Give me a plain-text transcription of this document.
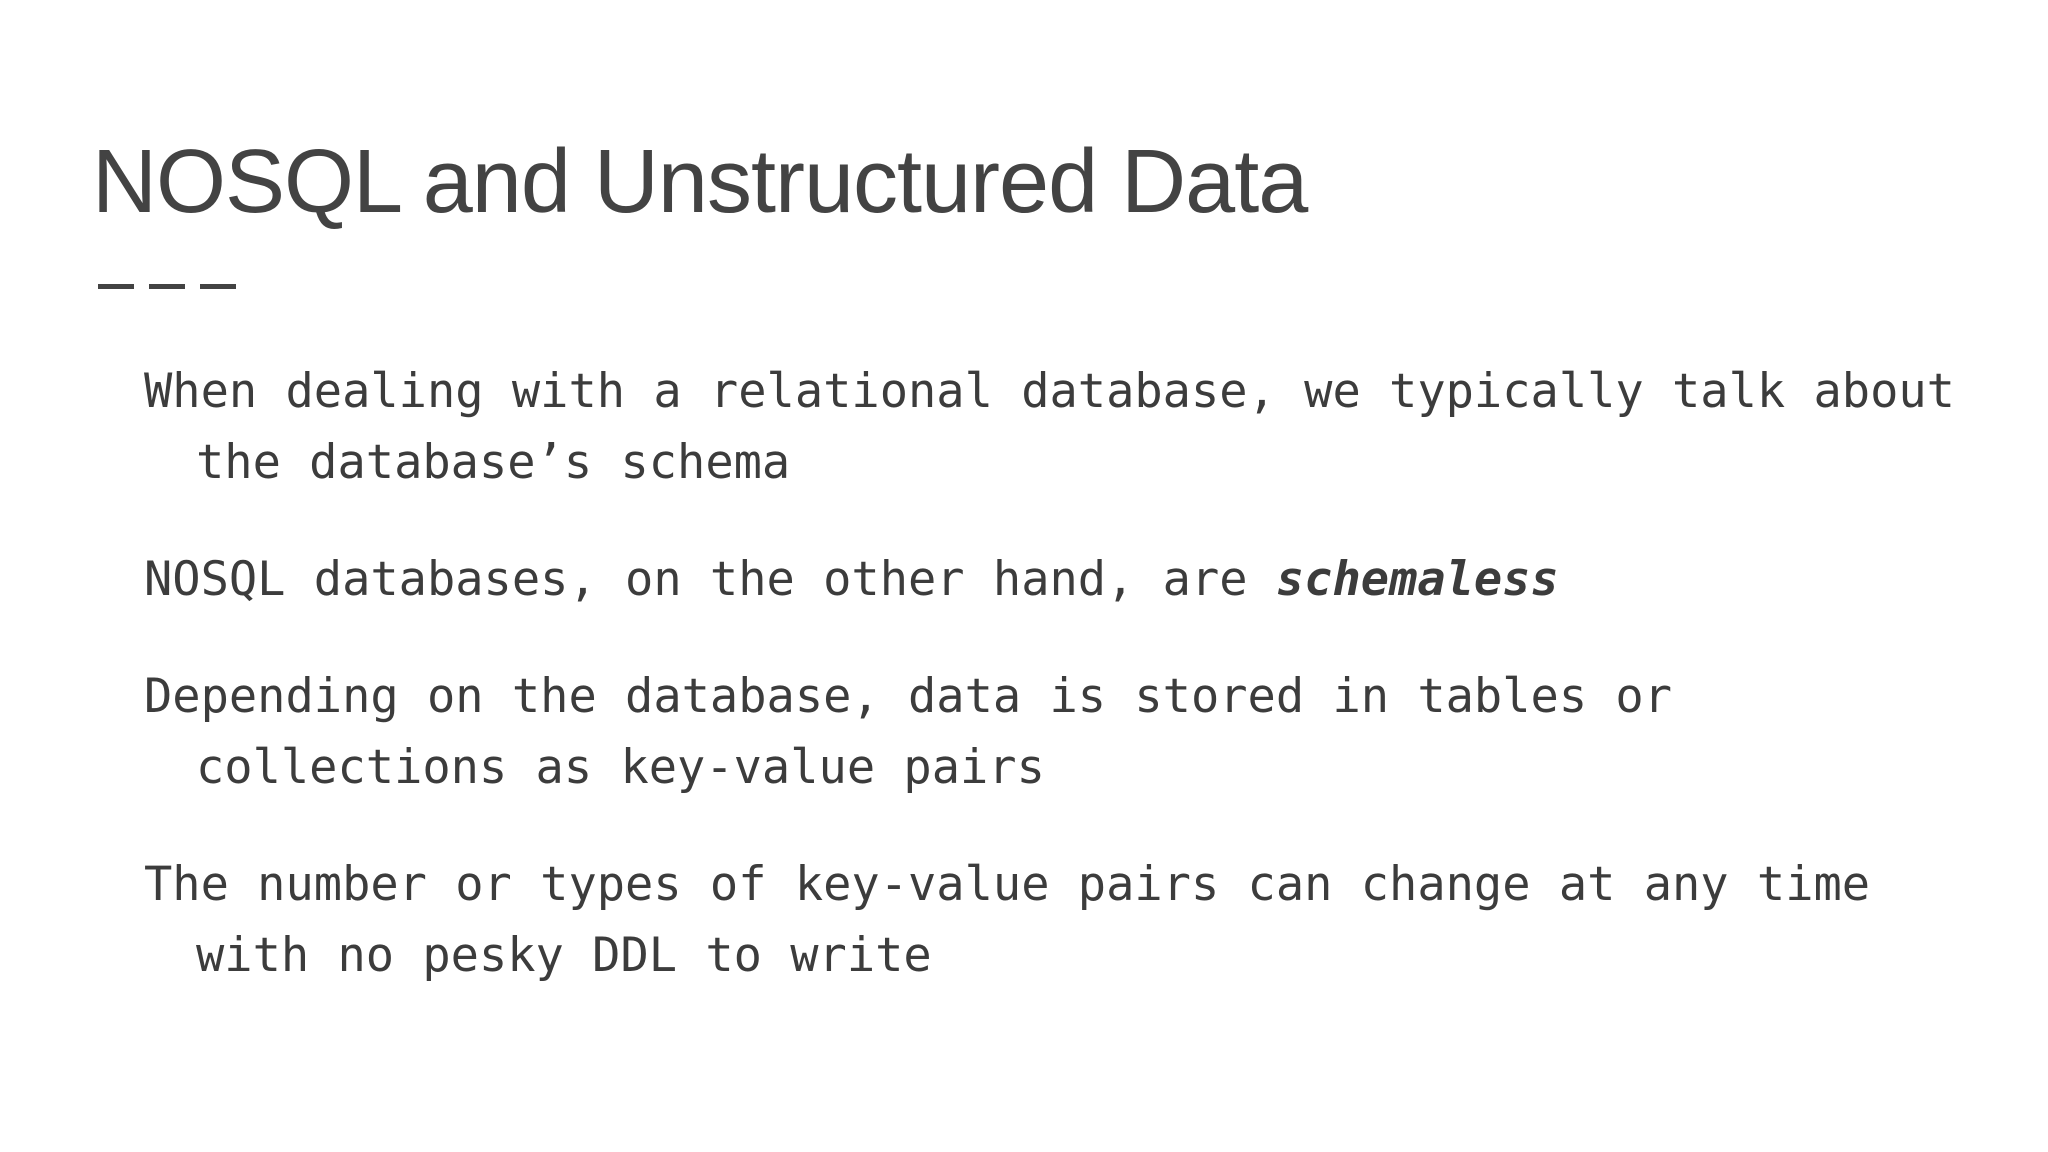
NOSQL and Unstructured Data

When dealing with a relational database, we typically talk about the database’s schema

NOSQL databases, on the other hand, are schemaless

Depending on the database, data is stored in tables or collections as key-value pairs

The number or types of key-value pairs can change at any time with no pesky DDL to write
